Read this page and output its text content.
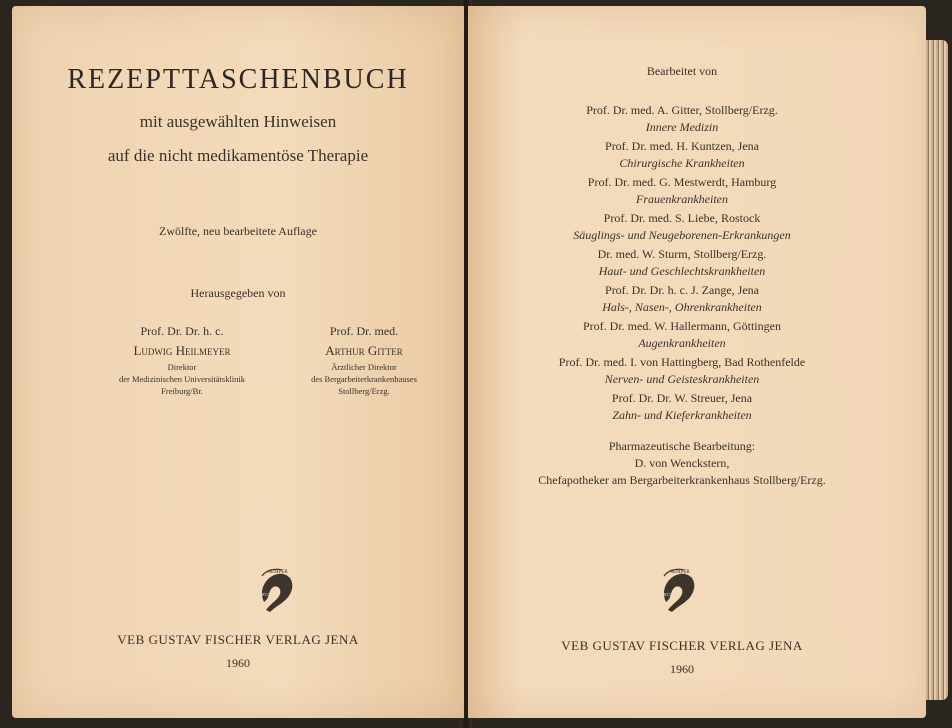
REZEPTTASCHENBUCH
mit ausgewählten Hinweisen
auf die nicht medikamentöse Therapie
Zwölfte, neu bearbeitete Auflage
Herausgegeben von
Prof. Dr. Dr. h. c.
Ludwig Heilmeyer
Direktor
der Medizinischen Universitätsklinik
Freiburg/Br.
Prof. Dr. med.
Arthur Gitter
Ärztlicher Direktor
des Bergarbeiterkrankenhauses
Stollberg/Erzg.
SEMPER
BONIS
ARTIBUS
VEB GUSTAV FISCHER VERLAG JENA
1960
Bearbeitet von
Prof. Dr. med. A. Gitter, Stollberg/Erzg.
Innere Medizin
Prof. Dr. med. H. Kuntzen, Jena
Chirurgische Krankheiten
Prof. Dr. med. G. Mestwerdt, Hamburg
Frauenkrankheiten
Prof. Dr. med. S. Liebe, Rostock
Säuglings- und Neugeborenen-Erkrankungen
Dr. med. W. Sturm, Stollberg/Erzg.
Haut- und Geschlechtskrankheiten
Prof. Dr. Dr. h. c. J. Zange, Jena
Hals-, Nasen-, Ohrenkrankheiten
Prof. Dr. med. W. Hallermann, Göttingen
Augenkrankheiten
Prof. Dr. med. I. von Hattingberg, Bad Rothenfelde
Nerven- und Geisteskrankheiten
Prof. Dr. Dr. W. Streuer, Jena
Zahn- und Kieferkrankheiten
Pharmazeutische Bearbeitung:
D. von Wenckstern,
Chefapotheker am Bergarbeiterkrankenhaus Stollberg/Erzg.
SEMPER
BONIS
ARTIBUS
VEB GUSTAV FISCHER VERLAG JENA
1960
